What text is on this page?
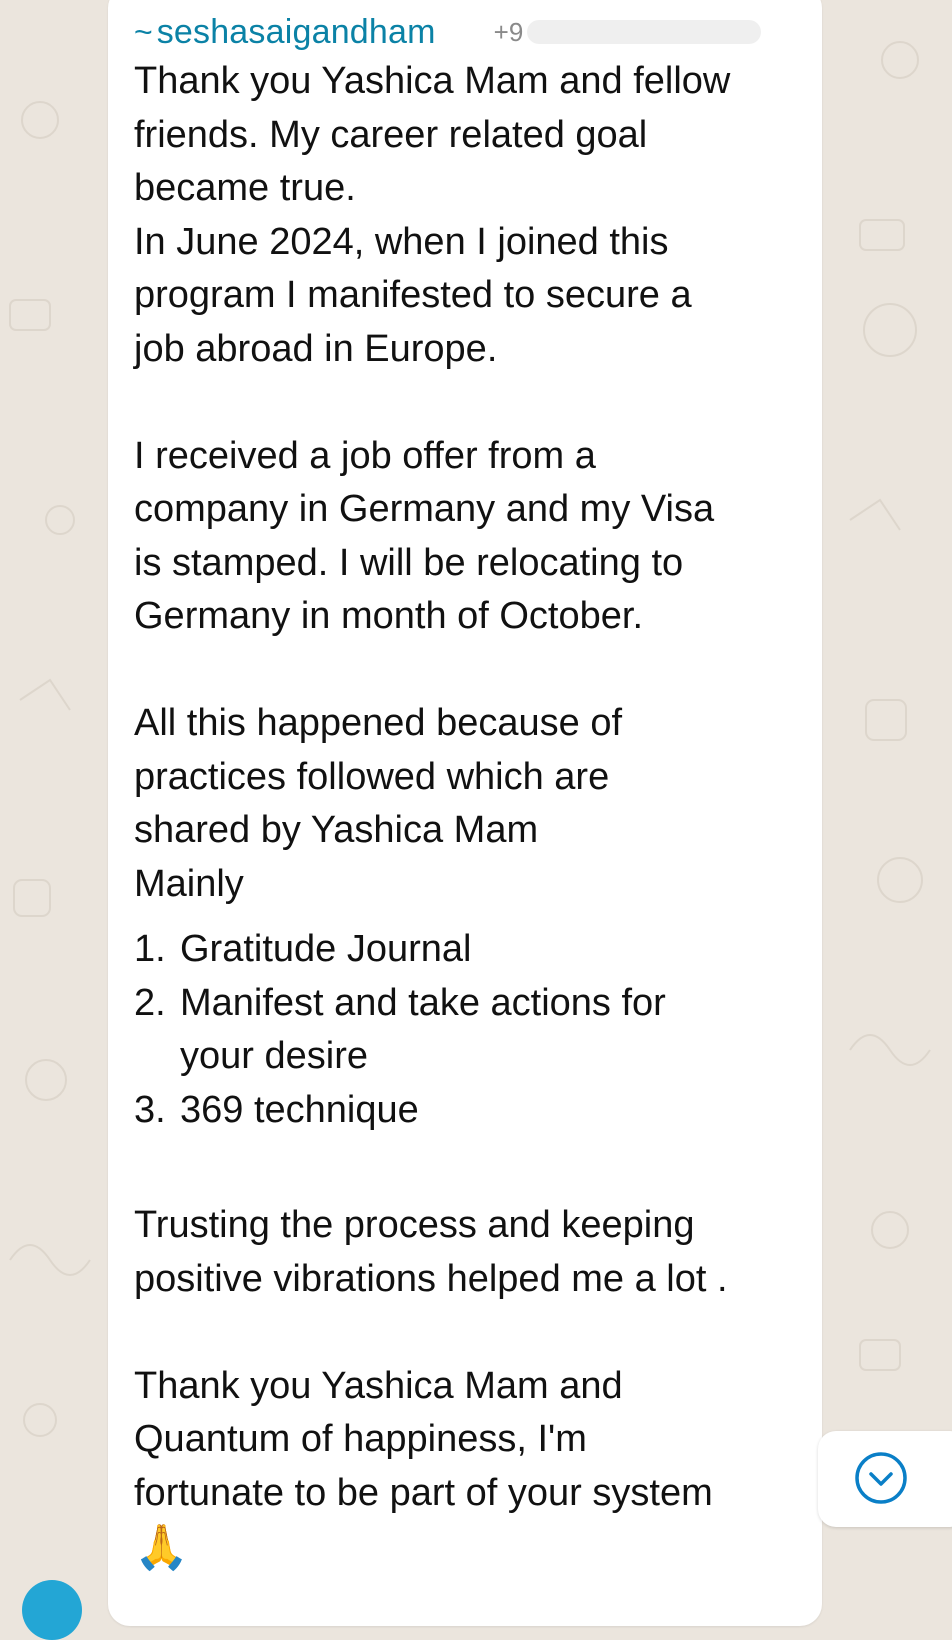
~ seshasaigandham +9
Thank you Yashica Mam and fellow
friends. My career related goal
became true.
In June 2024, when I joined this
program I manifested to secure a
job abroad in Europe.
I received a job offer from a
company in Germany and my Visa
is stamped. I will be relocating to
Germany in month of October.
All this happened because of
practices followed which are
shared by Yashica Mam
Mainly
1. Gratitude Journal
2. Manifest and take actions for
your desire
3. 369 technique
Trusting the process and keeping
positive vibrations helped me a lot .
Thank you Yashica Mam and
Quantum of happiness, I'm
fortunate to be part of your system
🙏
